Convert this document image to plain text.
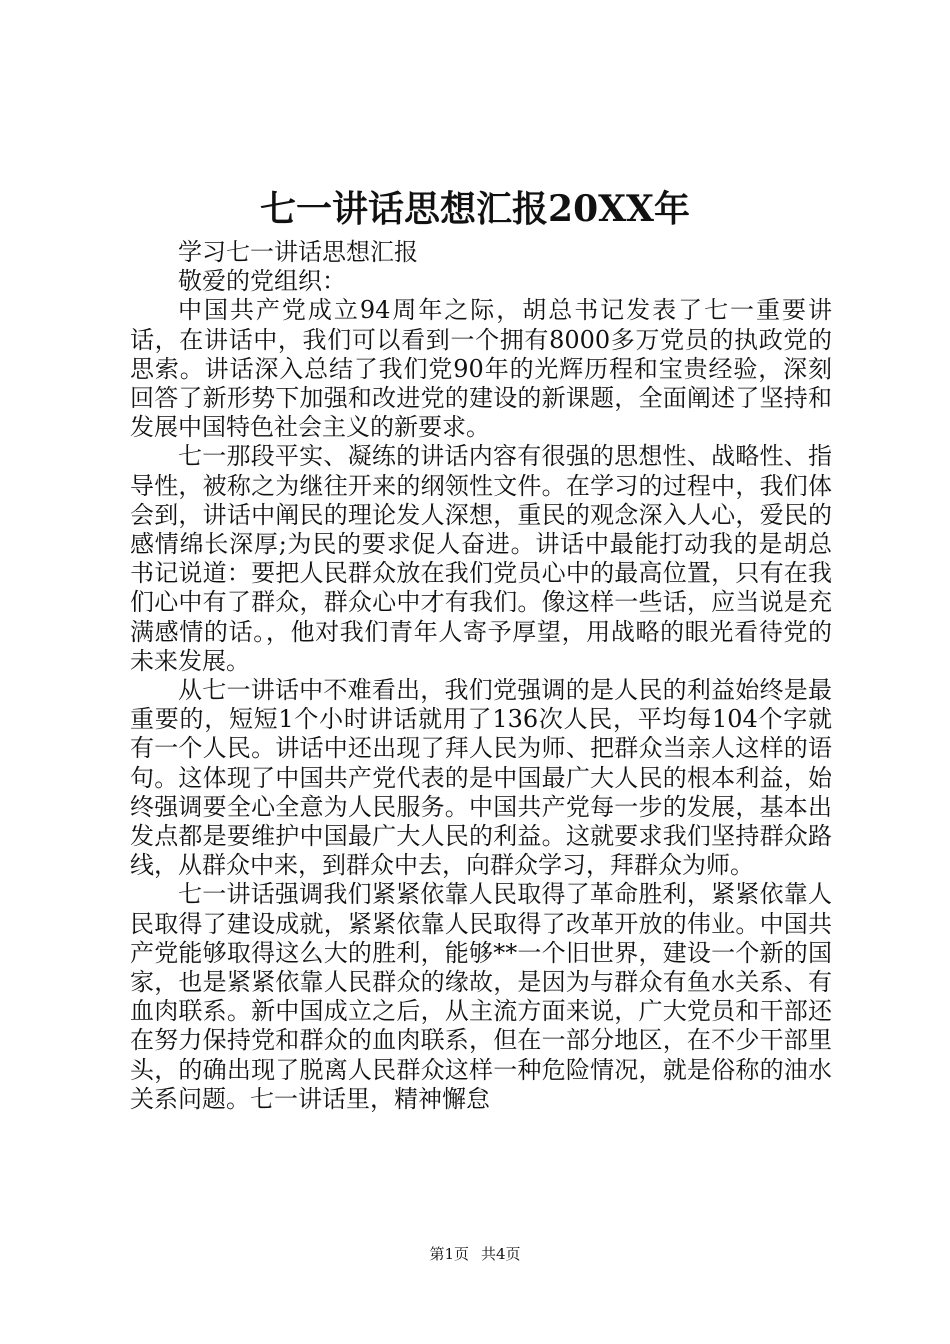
七一讲话思想汇报20XX年

学习七一讲话思想汇报

敬爱的党组织：

中国共产党成立94周年之际，胡总书记发表了七一重要讲话，在讲话中，我们可以看到一个拥有8000多万党员的执政党的思索。讲话深入总结了我们党90年的光辉历程和宝贵经验，深刻回答了新形势下加强和改进党的建设的新课题，全面阐述了坚持和发展中国特色社会主义的新要求。

七一那段平实、凝练的讲话内容有很强的思想性、战略性、指导性，被称之为继往开来的纲领性文件。在学习的过程中，我们体会到，讲话中阐民的理论发人深想，重民的观念深入人心，爱民的感情绵长深厚;为民的要求促人奋进。讲话中最能打动我的是胡总书记说道：要把人民群众放在我们党员心中的最高位置，只有在我们心中有了群众，群众心中才有我们。像这样一些话，应当说是充满感情的话。，他对我们青年人寄予厚望，用战略的眼光看待党的未来发展。

从七一讲话中不难看出，我们党强调的是人民的利益始终是最重要的，短短1个小时讲话就用了136次人民，平均每104个字就有一个人民。讲话中还出现了拜人民为师、把群众当亲人这样的语句。这体现了中国共产党代表的是中国最广大人民的根本利益，始终强调要全心全意为人民服务。中国共产党每一步的发展，基本出发点都是要维护中国最广大人民的利益。这就要求我们坚持群众路线，从群众中来，到群众中去，向群众学习，拜群众为师。

七一讲话强调我们紧紧依靠人民取得了革命胜利，紧紧依靠人民取得了建设成就，紧紧依靠人民取得了改革开放的伟业。中国共产党能够取得这么大的胜利，能够**一个旧世界，建设一个新的国家，也是紧紧依靠人民群众的缘故，是因为与群众有鱼水关系、有血肉联系。新中国成立之后，从主流方面来说，广大党员和干部还在努力保持党和群众的血肉联系，但在一部分地区，在不少干部里头，的确出现了脱离人民群众这样一种危险情况，就是俗称的油水关系问题。七一讲话里，精神懈怠

第1页 共4页
